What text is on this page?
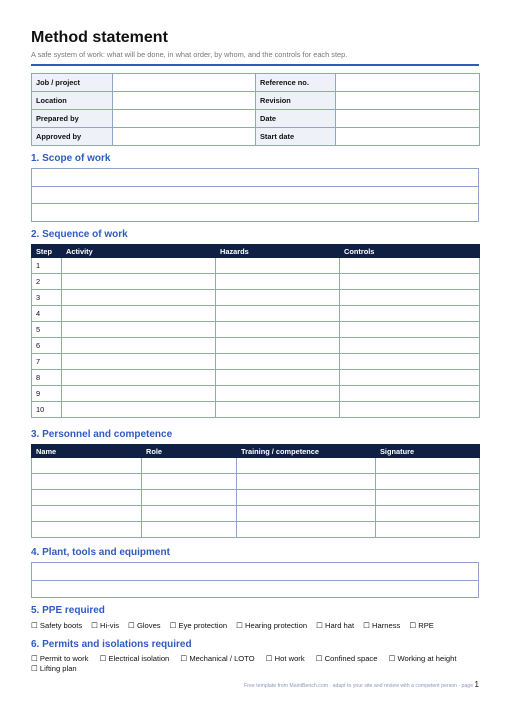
Method statement
A safe system of work: what will be done, in what order, by whom, and the controls for each step.
Job / project		Reference no.	
Location		Revision	
Prepared by		Date	
Approved by		Start date	
1. Scope of work

2. Sequence of work
Step	Activity	Hazards	Controls
1			
2			
3			
4			
5			
6			
7			
8			
9			
10			
3. Personnel and competence
Name	Role	Training / competence	Signature

4. Plant, tools and equipment

5. PPE required
☐ Safety boots ☐ Hi-vis ☐ Gloves ☐ Eye protection ☐ Hearing protection ☐ Hard hat ☐ Harness ☐ RPE
6. Permits and isolations required
☐ Permit to work ☐ Electrical isolation ☐ Mechanical / LOTO ☐ Hot work ☐ Confined space ☐ Working at height ☐ Lifting plan
Free template from MaintBench.com · adapt to your site and review with a competent person · page 1
